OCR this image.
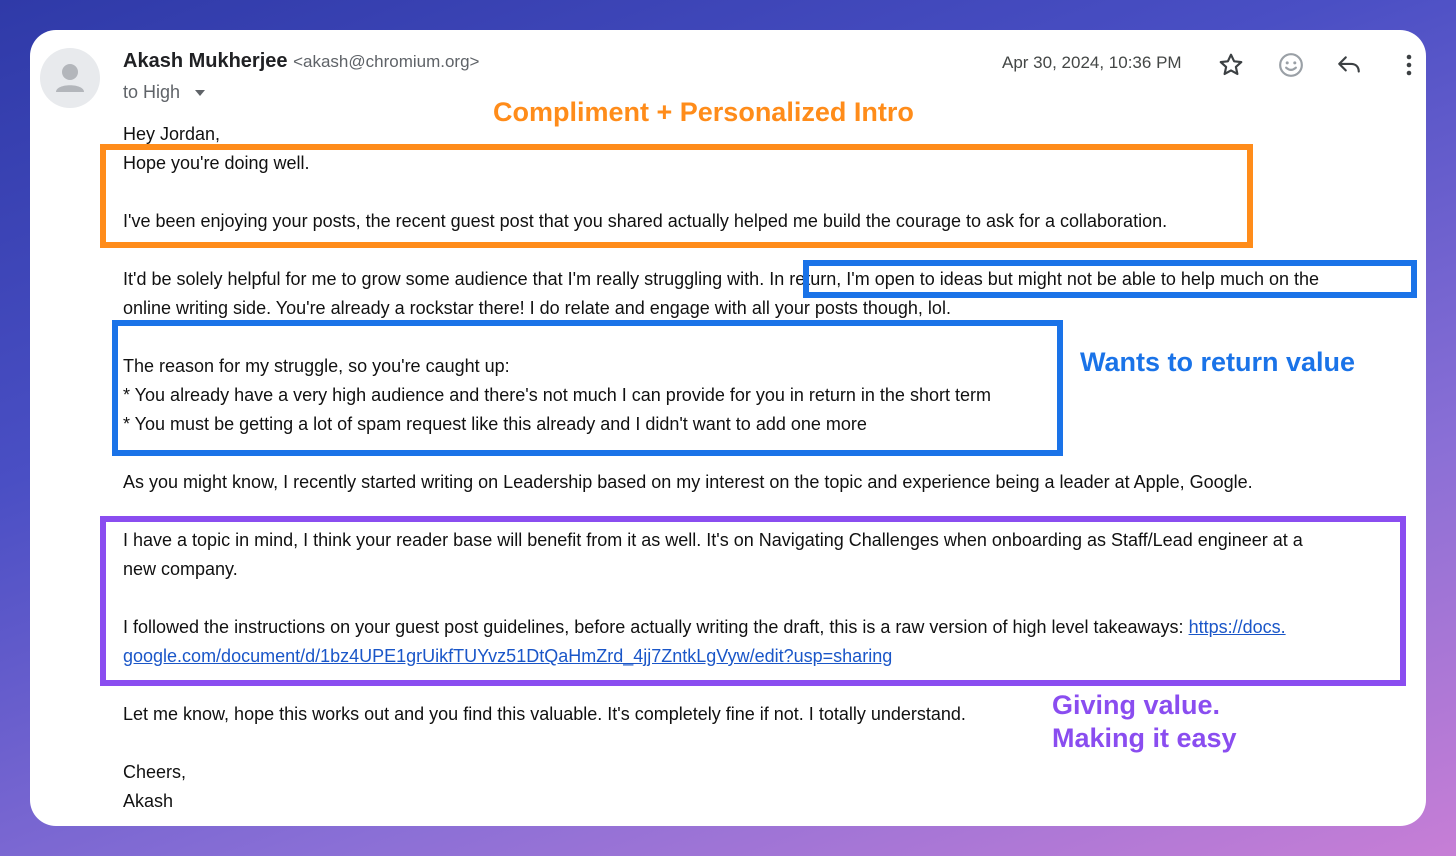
Akash Mukherjee <akash@chromium.org>
to High
Apr 30, 2024, 10:36 PM
Hey Jordan,
Hope you're doing well.
I've been enjoying your posts, the recent guest post that you shared actually helped me build the courage to ask for a collaboration.
It'd be solely helpful for me to grow some audience that I'm really struggling with. In return, I'm open to ideas but might not be able to help much on the
online writing side. You're already a rockstar there! I do relate and engage with all your posts though, lol.
The reason for my struggle, so you're caught up:
* You already have a very high audience and there's not much I can provide for you in return in the short term
* You must be getting a lot of spam request like this already and I didn't want to add one more
As you might know, I recently started writing on Leadership based on my interest on the topic and experience being a leader at Apple, Google.
I have a topic in mind, I think your reader base will benefit from it as well. It's on Navigating Challenges when onboarding as Staff/Lead engineer at a
new company.
I followed the instructions on your guest post guidelines, before actually writing the draft, this is a raw version of high level takeaways: https://docs.
google.com/document/d/1bz4UPE1grUikfTUYvz51DtQaHmZrd_4jj7ZntkLgVyw/edit?usp=sharing
Let me know, hope this works out and you find this valuable. It's completely fine if not. I totally understand.
Cheers,
Akash
Compliment + Personalized Intro
Wants to return value
Giving value.
Making it easy
